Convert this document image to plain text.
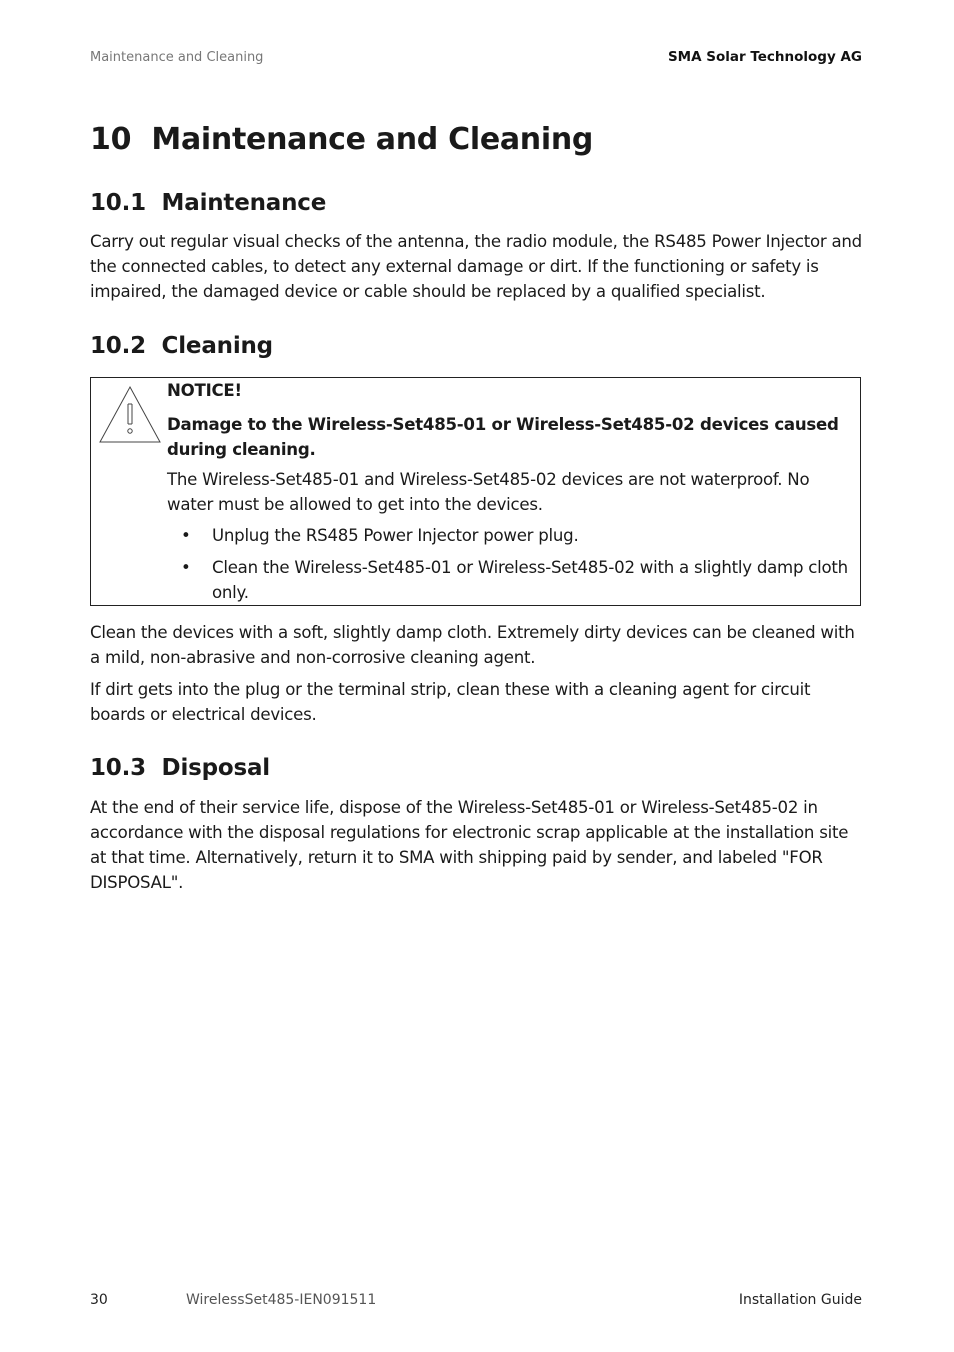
Maintenance and Cleaning	SMA Solar Technology AG
10  Maintenance and Cleaning
10.1  Maintenance

Carry out regular visual checks of the antenna, the radio module, the RS485 Power Injector and the connected cables, to detect any external damage or dirt. If the functioning or safety is impaired, the damaged device or cable should be replaced by a qualified specialist.

10.2  Cleaning
NOTICE!
Damage to the Wireless-Set485-01 or Wireless-Set485-02 devices caused during cleaning.
The Wireless-Set485-01 and Wireless-Set485-02 devices are not waterproof. No water must be allowed to get into the devices.
• Unplug the RS485 Power Injector power plug.
• Clean the Wireless-Set485-01 or Wireless-Set485-02 with a slightly damp cloth only.

Clean the devices with a soft, slightly damp cloth. Extremely dirty devices can be cleaned with a mild, non-abrasive and non-corrosive cleaning agent.

If dirt gets into the plug or the terminal strip, clean these with a cleaning agent for circuit boards or electrical devices.

10.3  Disposal

At the end of their service life, dispose of the Wireless-Set485-01 or Wireless-Set485-02 in accordance with the disposal regulations for electronic scrap applicable at the installation site at that time. Alternatively, return it to SMA with shipping paid by sender, and labeled "FOR DISPOSAL".

30	WirelessSet485-IEN091511	Installation Guide
